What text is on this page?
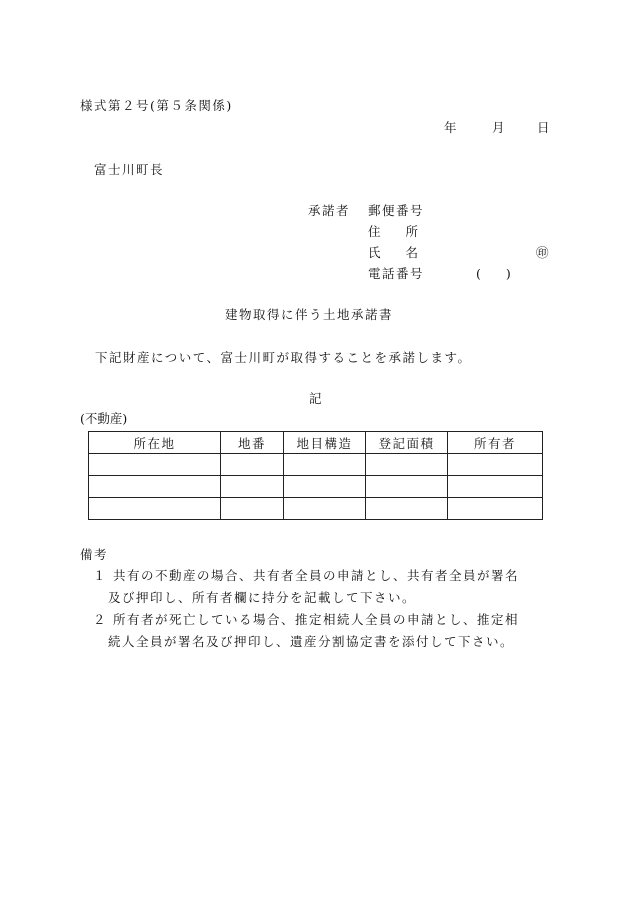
様式第２号(第５条関係)
年	月	日
富士川町長
承諾者 郵便番号
住　　所
氏　　名	㊞
電話番号	(　　)
建物取得に伴う土地承諾書
下記財産について、富士川町が取得することを承諾します。
記
(不動産)
所在地	地番	地目構造	登記面積	所有者

備考
１ 共有の不動産の場合、共有者全員の申請とし、共有者全員が署名
及び押印し、所有者欄に持分を記載して下さい。
２ 所有者が死亡している場合、推定相続人全員の申請とし、推定相
続人全員が署名及び押印し、遺産分割協定書を添付して下さい。
